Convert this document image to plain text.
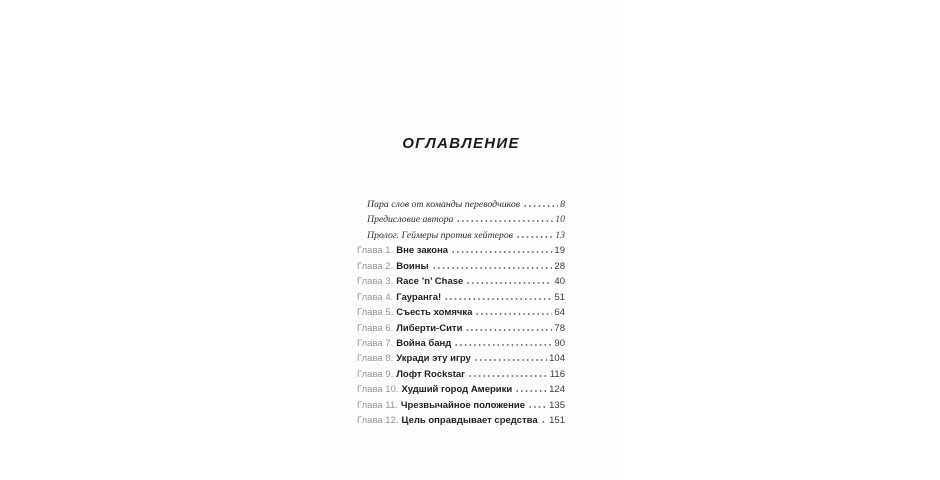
ОГЛАВЛЕНИЕ
Пара слов от команды переводчиков	8
Предисловие автора	10
Пролог. Геймеры против хейтеров	13
Глава 1. Вне закона	19
Глава 2. Воины	28
Глава 3. Race ’n’ Chase	40
Глава 4. Гауранга!	51
Глава 5. Съесть хомячка	64
Глава 6. Либерти-Сити	78
Глава 7. Война банд	90
Глава 8. Укради эту игру	104
Глава 9. Лофт Rockstar	116
Глава 10. Худший город Америки	124
Глава 11. Чрезвычайное положение	135
Глава 12. Цель оправдывает средства 151
